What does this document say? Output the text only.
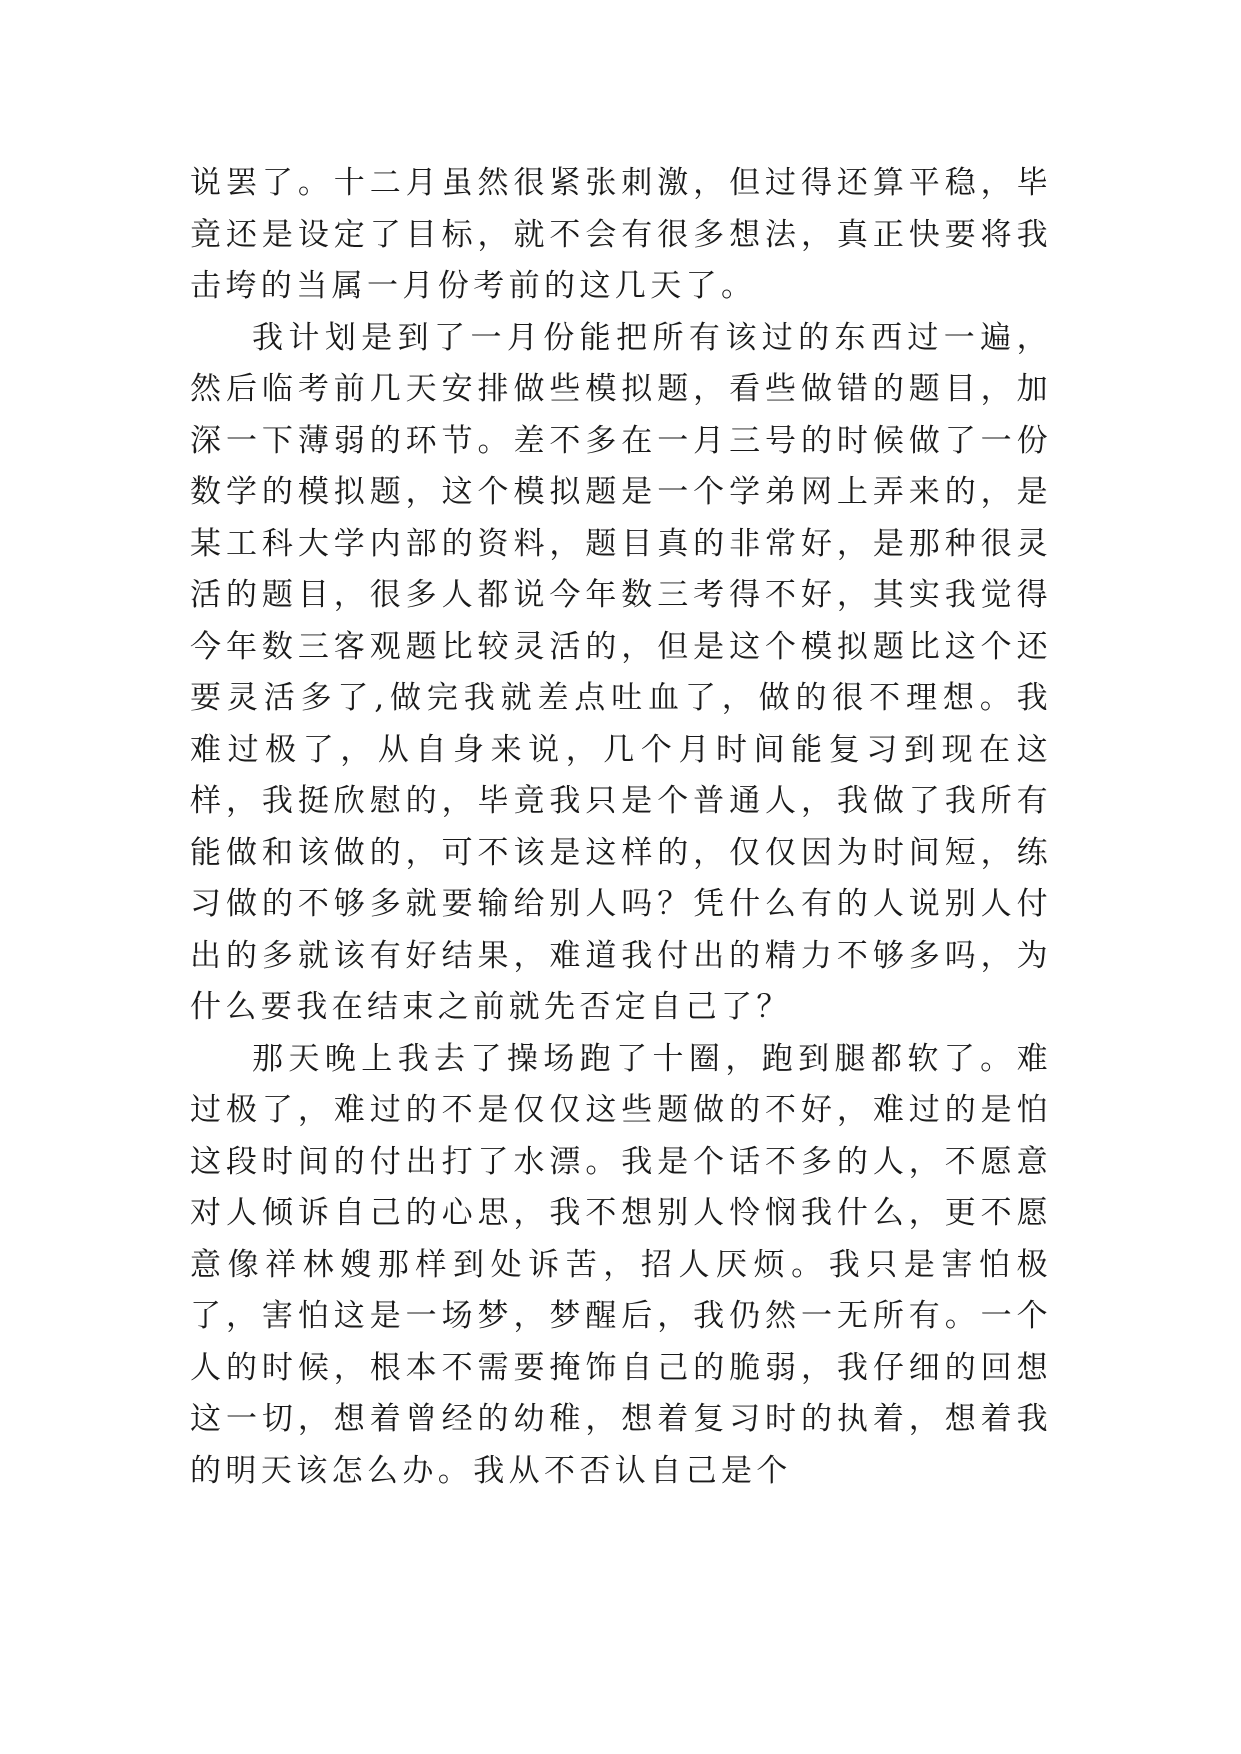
说罢了。十二月虽然很紧张刺激，但过得还算平稳，毕竟还是设定了目标，就不会有很多想法，真正快要将我击垮的当属一月份考前的这几天了。

我计划是到了一月份能把所有该过的东西过一遍，然后临考前几天安排做些模拟题，看些做错的题目，加深一下薄弱的环节。差不多在一月三号的时候做了一份数学的模拟题，这个模拟题是一个学弟网上弄来的，是某工科大学内部的资料，题目真的非常好，是那种很灵活的题目，很多人都说今年数三考得不好，其实我觉得今年数三客观题比较灵活的，但是这个模拟题比这个还要灵活多了,做完我就差点吐血了，做的很不理想。我难过极了，从自身来说，几个月时间能复习到现在这样，我挺欣慰的，毕竟我只是个普通人，我做了我所有能做和该做的，可不该是这样的，仅仅因为时间短，练习做的不够多就要输给别人吗？凭什么有的人说别人付出的多就该有好结果，难道我付出的精力不够多吗，为什么要我在结束之前就先否定自己了？

那天晚上我去了操场跑了十圈，跑到腿都软了。难过极了，难过的不是仅仅这些题做的不好，难过的是怕这段时间的付出打了水漂。我是个话不多的人，不愿意对人倾诉自己的心思，我不想别人怜悯我什么，更不愿意像祥林嫂那样到处诉苦，招人厌烦。我只是害怕极了，害怕这是一场梦，梦醒后，我仍然一无所有。一个人的时候，根本不需要掩饰自己的脆弱，我仔细的回想这一切，想着曾经的幼稚，想着复习时的执着，想着我的明天该怎么办。我从不否认自己是个
